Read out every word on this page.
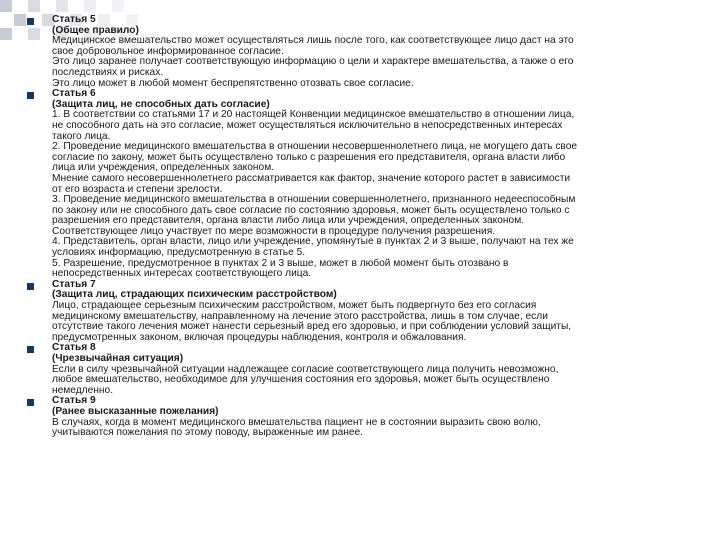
Статья 5
(Общее правило)
Медицинское вмешательство может осуществляться лишь после того, как соответствующее лицо даст на это
свое добровольное информированное согласие.
Это лицо заранее получает соответствующую информацию о цели и характере вмешательства, а также о его
последствиях и рисках.
Это лицо может в любой момент беспрепятственно отозвать свое согласие.
Статья 6
(Защита лиц, не способных дать согласие)
1. В соответствии со статьями 17 и 20 настоящей Конвенции медицинское вмешательство в отношении лица,
не способного дать на это согласие, может осуществляться исключительно в непосредственных интересах
такого лица.
2. Проведение медицинского вмешательства в отношении несовершеннолетнего лица, не могущего дать свое
согласие по закону, может быть осуществлено только с разрешения его представителя, органа власти либо
лица или учреждения, определенных законом.
Мнение самого несовершеннолетнего рассматривается как фактор, значение которого растет в зависимости
от его возраста и степени зрелости.
3. Проведение медицинского вмешательства в отношении совершеннолетнего, признанного недееспособным
по закону или не способного дать свое согласие по состоянию здоровья, может быть осуществлено только с
разрешения его представителя, органа власти либо лица или учреждения, определенных законом.
Соответствующее лицо участвует по мере возможности в процедуре получения разрешения.
4. Представитель, орган власти, лицо или учреждение, упомянутые в пунктах 2 и 3 выше, получают на тех же
условиях информацию, предусмотренную в статье 5.
5. Разрешение, предусмотренное в пунктах 2 и 3 выше, может в любой момент быть отозвано в
непосредственных интересах соответствующего лица.
Статья 7
(Защита лиц, страдающих психическим расстройством)
Лицо, страдающее серьезным психическим расстройством, может быть подвергнуто без его согласия
медицинскому вмешательству, направленному на лечение этого расстройства, лишь в том случае, если
отсутствие такого лечения может нанести серьезный вред его здоровью, и при соблюдении условий защиты,
предусмотренных законом, включая процедуры наблюдения, контроля и обжалования.
Статья 8
(Чрезвычайная ситуация)
Если в силу чрезвычайной ситуации надлежащее согласие соответствующего лица получить невозможно,
любое вмешательство, необходимое для улучшения состояния его здоровья, может быть осуществлено
немедленно.
Статья 9
(Ранее высказанные пожелания)
В случаях, когда в момент медицинского вмешательства пациент не в состоянии выразить свою волю,
учитываются пожелания по этому поводу, выраженные им ранее.
